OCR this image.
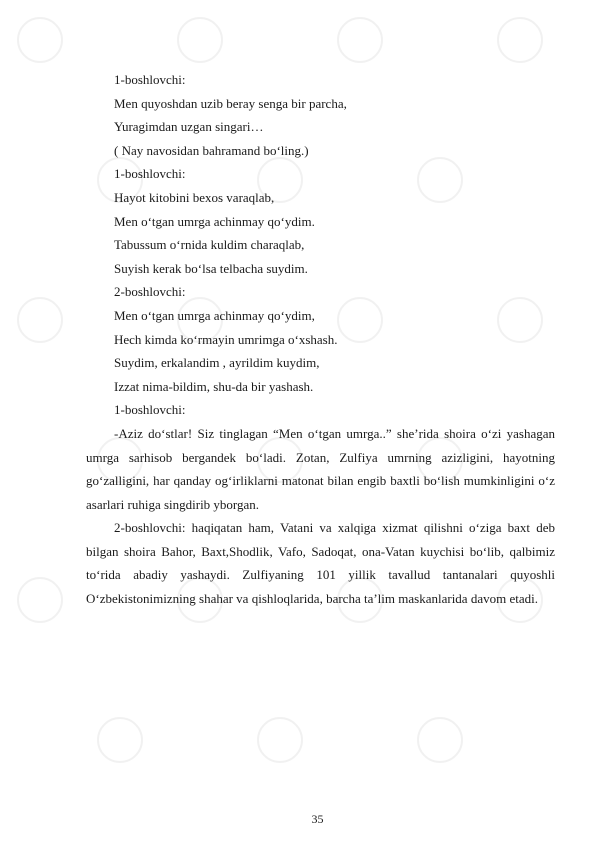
1-boshlovchi:
Men quyoshdan uzib beray senga bir parcha,
Yuragimdan uzgan singari…
( Nay navosidan bahramand bo‘ling.)
1-boshlovchi:
Hayot kitobini bexos varaqlab,
Men o‘tgan umrga achinmay qo‘ydim.
Tabussum o‘rnida kuldim charaqlab,
Suyish kerak bo‘lsa telbacha suydim.
2-boshlovchi:
Men o‘tgan umrga achinmay qo‘ydim,
Hech kimda ko‘rmayin umrimga o‘xshash.
Suydim, erkalandim , ayrildim kuydim,
Izzat nima-bildim, shu-da bir yashash.
1-boshlovchi:

-Aziz do‘stlar! Siz tinglagan “Men o‘tgan umrga..” she’rida shoira o‘zi yashagan umrga sarhisob bergandek bo‘ladi. Zotan, Zulfiya umrning azizligini, hayotning go‘zalligini, har qanday og‘irliklarni matonat bilan engib baxtli bo‘lish mumkinligini o‘z asarlari ruhiga singdirib yborgan.

2-boshlovchi: haqiqatan ham, Vatani va xalqiga xizmat qilishni o‘ziga baxt deb bilgan shoira Bahor, Baxt,Shodlik, Vafo, Sadoqat, ona-Vatan kuychisi bo‘lib, qalbimiz to‘rida abadiy yashaydi. Zulfiyaning 101 yillik tavallud tantanalari quyoshli O‘zbekistonimizning shahar va qishloqlarida, barcha ta’lim maskanlarida davom etadi.

35
